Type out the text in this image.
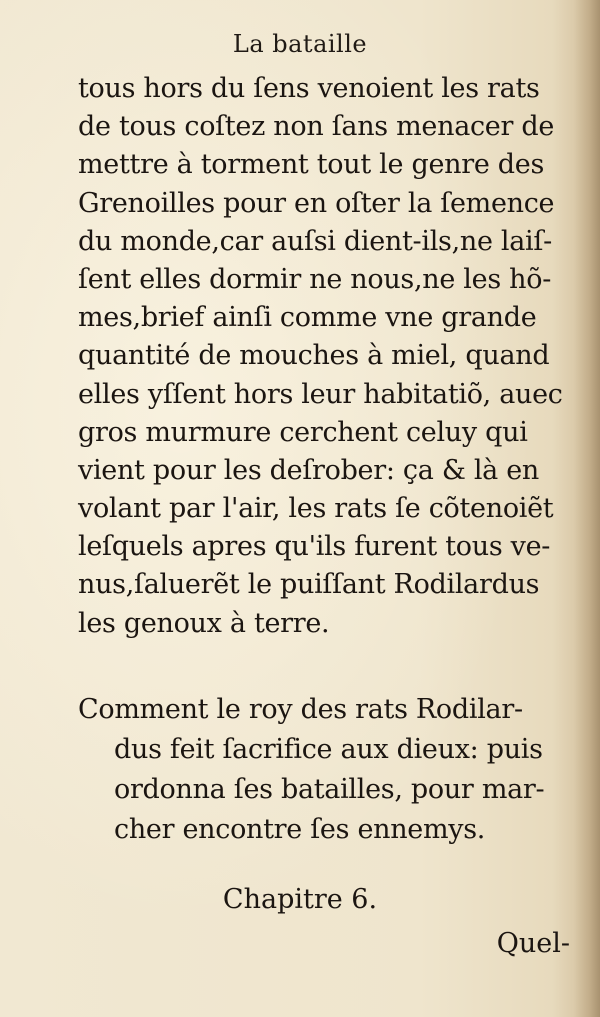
La bataille
tous hors du ſens venoient les rats
de tous coſtez non ſans menacer de
mettre à torment tout le genre des
Grenoilles pour en oſter la ſemence
du monde,car auſsi dient-ils,ne laiſ-
ſent elles dormir ne nous,ne les hõ-
mes,brief ainſi comme vne grande
quantité de mouches à miel, quand
elles yſſent hors leur habitatiõ, auec
gros murmure cerchent celuy qui
vient pour les deſrober: ça & là en
volant par l'air, les rats ſe cõtenoiẽt
leſquels apres qu'ils furent tous ve-
nus,ſaluerẽt le puiſſant Rodilardus
les genoux à terre.
Comment le roy des rats Rodilar-
dus feit ſacrifice aux dieux: puis
ordonna ſes batailles, pour mar-
cher encontre ſes ennemys.
Chapitre 6.
Quel-
